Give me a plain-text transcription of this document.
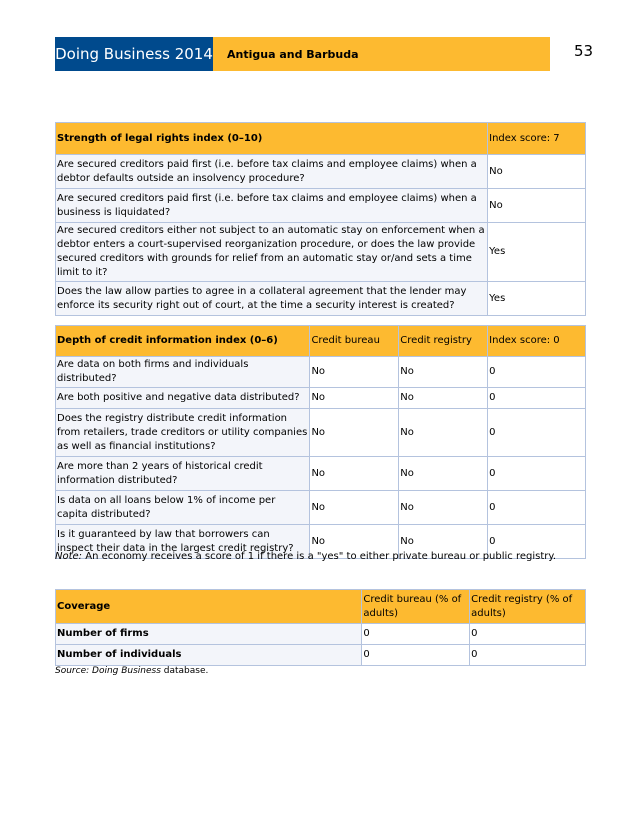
Doing Business 2014	Antigua and Barbuda	53
Strength of legal rights index (0–10)	Index score: 7
Are secured creditors paid first (i.e. before tax claims and employee claims) when a debtor defaults outside an insolvency procedure?	No
Are secured creditors paid first (i.e. before tax claims and employee claims) when a business is liquidated?	No
Are secured creditors either not subject to an automatic stay on enforcement when a debtor enters a court-supervised reorganization procedure, or does the law provide secured creditors with grounds for relief from an automatic stay or/and sets a time limit to it?	Yes
Does the law allow parties to agree in a collateral agreement that the lender may enforce its security right out of court, at the time a security interest is created?	Yes
Depth of credit information index (0–6)	Credit bureau	Credit registry	Index score: 0
Are data on both firms and individuals distributed?	No	No	0
Are both positive and negative data distributed?	No	No	0
Does the registry distribute credit information from retailers, trade creditors or utility companies as well as financial institutions?	No	No	0
Are more than 2 years of historical credit information distributed?	No	No	0
Is data on all loans below 1% of income per capita distributed?	No	No	0
Is it guaranteed by law that borrowers can inspect their data in the largest credit registry?	No	No	0
Note: An economy receives a score of 1 if there is a "yes" to either private bureau or public registry.
Coverage	Credit bureau (% of adults)	Credit registry (% of adults)
Number of firms	0	0
Number of individuals	0	0
Source: Doing Business database.
